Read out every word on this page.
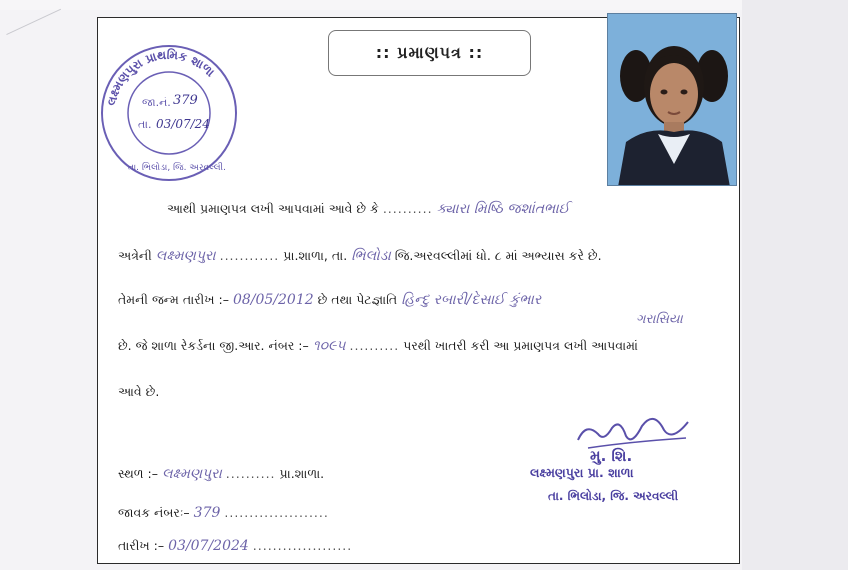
:: પ્રમાણપત્ર ::
લક્ષ્મણપુરા પ્રાથમિક શાળા
જા.નં. 379
તા. 03/07/24
તા. ભિલોડા, જિ. અરવલ્લી.
આથી પ્રમાણપત્ર લખી આપવામાં આવે છે કે .......... ક્યારા મિષ્ઠિ જશાંતભાઈ
અત્રેની લક્ષ્મણપુરા ............ પ્રા.શાળા, તા. ભિલોડા જિ.અરવલ્લીમાં ધો. ૮ માં અભ્યાસ કરે છે.
તેમની જન્મ તારીખ :– 08/05/2012 છે તથા પેટજ્ઞાતિ હિન્દુ રબારી/દેસાઈ કુંભાર
ગરાસિયા
છે. જે શાળા રેકર્ડના જી.આર. નંબર :– ૧૦૯૫ .......... પરથી ખાતરી કરી આ પ્રમાણપત્ર લખી આપવામાં
આવે છે.
સ્થળ :– લક્ષ્મણપુરા .......... પ્રા.શાળા.
જાવક નંબરઃ– 379 .....................
તારીખ :– 03/07/2024 ....................
મુ. શિ.
લક્ષ્મણપુરા પ્રા. શાળા
તા. ભિલોડા, જિ. અરવલ્લી
